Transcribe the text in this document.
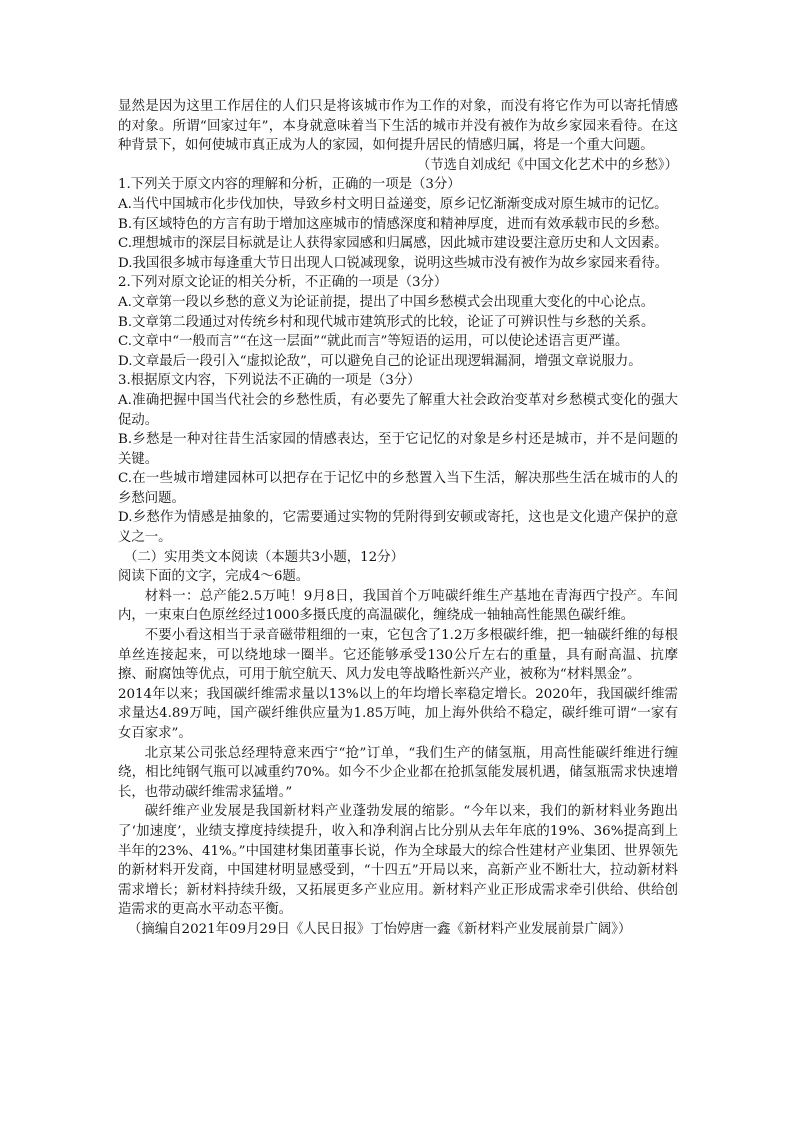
显然是因为这里工作居住的人们只是将该城市作为工作的对象，而没有将它作为可以寄托情感的对象。所谓“回家过年”，本身就意味着当下生活的城市并没有被作为故乡家园来看待。在这种背景下，如何使城市真正成为人的家园，如何提升居民的情感归属，将是一个重大问题。

（节选自刘成纪《中国文化艺术中的乡愁》）

1.下列关于原文内容的理解和分析，正确的一项是（3分）

A.当代中国城市化步伐加快，导致乡村文明日益递变，原乡记忆渐渐变成对原生城市的记忆。

B.有区域特色的方言有助于增加这座城市的情感深度和精神厚度，进而有效承载市民的乡愁。

C.理想城市的深层目标就是让人获得家园感和归属感，因此城市建设要注意历史和人文因素。

D.我国很多城市每逢重大节日出现人口锐减现象，说明这些城市没有被作为故乡家园来看待。

2.下列对原文论证的相关分析，不正确的一项是（3分）

A.文章第一段以乡愁的意义为论证前提，提出了中国乡愁模式会出现重大变化的中心论点。

B.文章第二段通过对传统乡村和现代城市建筑形式的比较，论证了可辨识性与乡愁的关系。

C.文章中“一般而言”“在这一层面”“就此而言”等短语的运用，可以使论述语言更严谨。

D.文章最后一段引入“虚拟论敌”，可以避免自己的论证出现逻辑漏洞，增强文章说服力。

3.根据原文内容，下列说法不正确的一项是（3分）

A.准确把握中国当代社会的乡愁性质，有必要先了解重大社会政治变革对乡愁模式变化的强大促动。

B.乡愁是一种对往昔生活家园的情感表达，至于它记忆的对象是乡村还是城市，并不是问题的关键。

C.在一些城市增建园林可以把存在于记忆中的乡愁置入当下生活，解决那些生活在城市的人的乡愁问题。

D.乡愁作为情感是抽象的，它需要通过实物的凭附得到安顿或寄托，这也是文化遗产保护的意义之一。

（二）实用类文本阅读（本题共3小题，12分）

阅读下面的文字，完成4～6题。

材料一：总产能2.5万吨！9月8日，我国首个万吨碳纤维生产基地在青海西宁投产。车间内，一束束白色原丝经过1000多摄氏度的高温碳化，缠绕成一轴轴高性能黑色碳纤维。

不要小看这相当于录音磁带粗细的一束，它包含了1.2万多根碳纤维，把一轴碳纤维的每根单丝连接起来，可以绕地球一圈半。它还能够承受130公斤左右的重量，具有耐高温、抗摩擦、耐腐蚀等优点，可用于航空航天、风力发电等战略性新兴产业，被称为“材料黑金”。

2014年以来；我国碳纤维需求量以13%以上的年均增长率稳定增长。2020年，我国碳纤维需求量达4.89万吨，国产碳纤维供应量为1.85万吨，加上海外供给不稳定，碳纤维可谓“一家有女百家求”。

北京某公司张总经理特意来西宁“抢”订单，“我们生产的储氢瓶，用高性能碳纤维进行缠绕，相比纯钢气瓶可以减重约70%。如今不少企业都在抢抓氢能发展机遇，储氢瓶需求快速增长，也带动碳纤维需求猛增。”

碳纤维产业发展是我国新材料产业蓬勃发展的缩影。“今年以来，我们的新材料业务跑出了‘加速度’，业绩支撑度持续提升，收入和净利润占比分别从去年年底的19%、36%提高到上半年的23%、41%。”中国建材集团董事长说，作为全球最大的综合性建材产业集团、世界领先的新材料开发商，中国建材明显感受到，“十四五”开局以来，高新产业不断壮大，拉动新材料需求增长；新材料持续升级，又拓展更多产业应用。新材料产业正形成需求牵引供给、供给创造需求的更高水平动态平衡。

（摘编自2021年09月29日《人民日报》丁怡婷唐一鑫《新材料产业发展前景广阔》）
